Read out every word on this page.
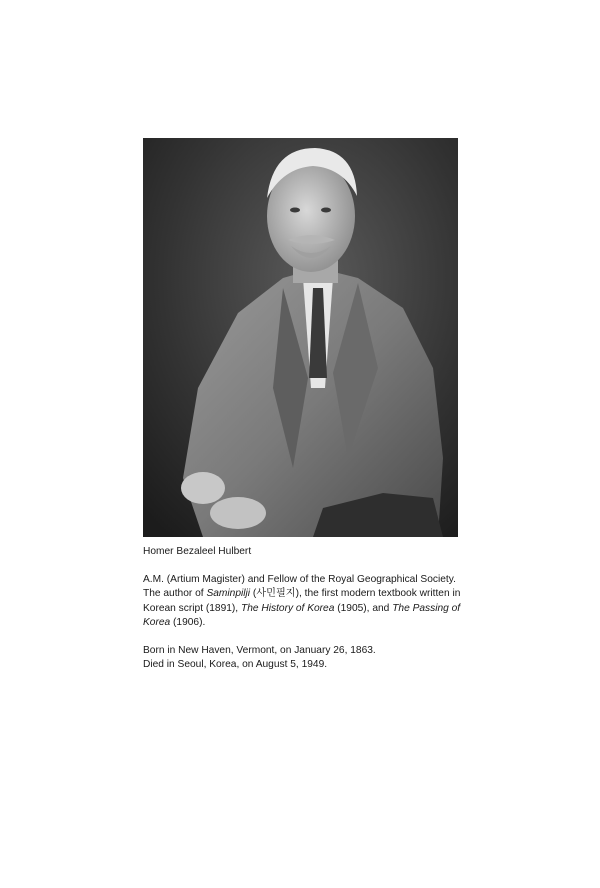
Homer Bezaleel Hulbert

A.M. (Artium Magister) and Fellow of the Royal Geographical Society. The author of Saminpilji (사민필지), the first modern textbook written in Korean script (1891), The History of Korea (1905), and The Passing of Korea (1906).

Born in New Haven, Vermont, on January 26, 1863.
Died in Seoul, Korea, on August 5, 1949.
